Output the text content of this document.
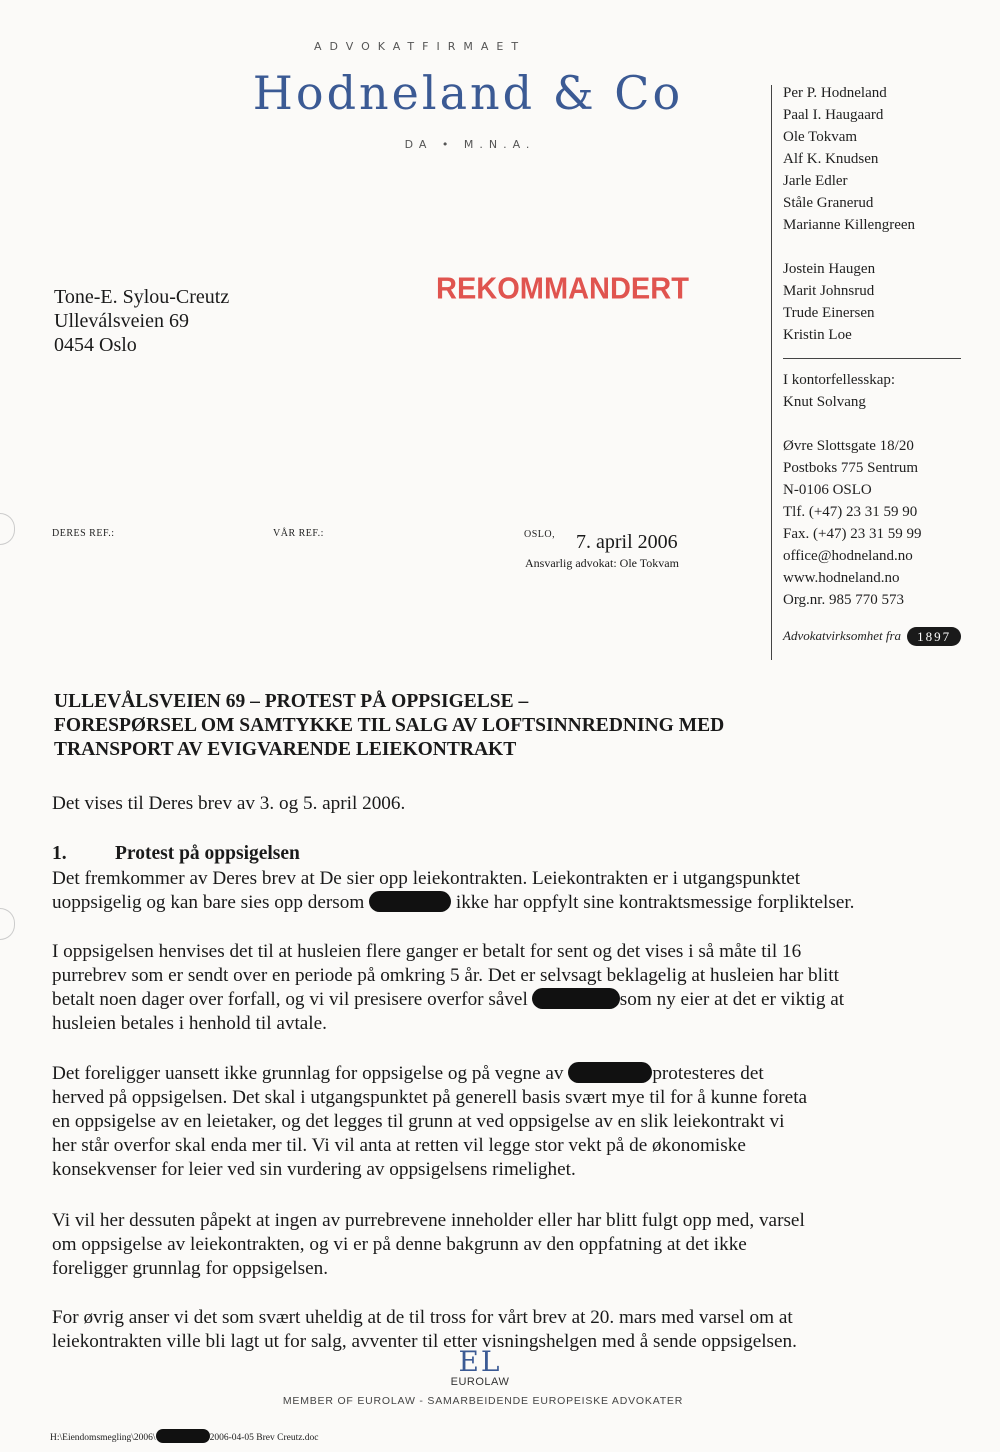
ADVOKATFIRMAET
Hodneland & Co
DA • M.N.A.
Per P. Hodneland
Paal I. Haugaard
Ole Tokvam
Alf K. Knudsen
Jarle Edler
Ståle Granerud
Marianne Killengreen
Jostein Haugen
Marit Johnsrud
Trude Einersen
Kristin Loe
I kontorfellesskap:
Knut Solvang
Øvre Slottsgate 18/20
Postboks 775 Sentrum
N-0106 OSLO
Tlf. (+47) 23 31 59 90
Fax. (+47) 23 31 59 99
office@hodneland.no
www.hodneland.no
Org.nr. 985 770 573
Advokatvirksomhet fra	1897
Tone-E. Sylou-Creutz
Ulleválsveien 69
0454 Oslo
REKOMMANDERT
DERES REF.:	VÅR REF.:	OSLO, 7. april 2006
Ansvarlig advokat: Ole Tokvam
ULLEVÅLSVEIEN 69 – PROTEST PÅ OPPSIGELSE –
FORESPØRSEL OM SAMTYKKE TIL SALG AV LOFTSINNREDNING MED
TRANSPORT AV EVIGVARENDE LEIEKONTRAKT
Det vises til Deres brev av 3. og 5. april 2006.
1. Protest på oppsigelsen
Det fremkommer av Deres brev at De sier opp leiekontrakten. Leiekontrakten er i utgangspunktet
uoppsigelig og kan bare sies opp dersom	ikke har oppfylt sine kontraktsmessige forpliktelser.
I oppsigelsen henvises det til at husleien flere ganger er betalt for sent og det vises i så måte til 16
purrebrev som er sendt over en periode på omkring 5 år. Det er selvsagt beklagelig at husleien har blitt
betalt noen dager over forfall, og vi vil presisere overfor såvel	som ny eier at det er viktig at
husleien betales i henhold til avtale.
Det foreligger uansett ikke grunnlag for oppsigelse og på vegne av	protesteres det
herved på oppsigelsen. Det skal i utgangspunktet på generell basis svært mye til for å kunne foreta
en oppsigelse av en leietaker, og det legges til grunn at ved oppsigelse av en slik leiekontrakt vi
her står overfor skal enda mer til. Vi vil anta at retten vil legge stor vekt på de økonomiske
konsekvenser for leier ved sin vurdering av oppsigelsens rimelighet.
Vi vil her dessuten påpekt at ingen av purrebrevene inneholder eller har blitt fulgt opp med, varsel
om oppsigelse av leiekontrakten, og vi er på denne bakgrunn av den oppfatning at det ikke
foreligger grunnlag for oppsigelsen.
For øvrig anser vi det som svært uheldig at de til tross for vårt brev at 20. mars med varsel om at
leiekontrakten ville bli lagt ut for salg, avventer til etter visningshelgen med å sende oppsigelsen.
EL
EUROLAW
MEMBER OF EUROLAW - SAMARBEIDENDE EUROPEISKE ADVOKATER
H:\Eiendomsmegling\2006\	2006-04-05 Brev Creutz.doc
